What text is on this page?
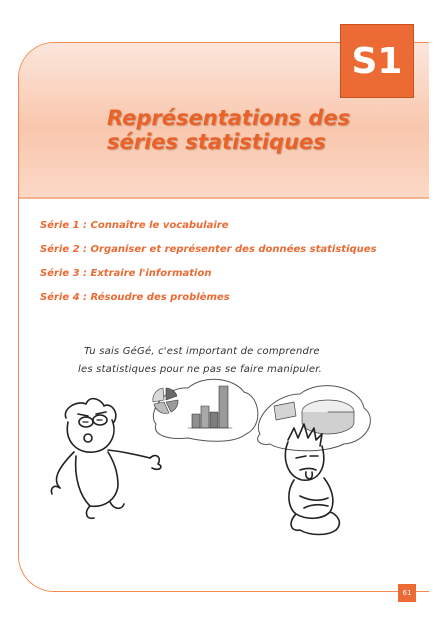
S1
Représentations des
séries statistiques
Série 1 : Connaître le vocabulaire
Série 2 : Organiser et représenter des données statistiques
Série 3 : Extraire l'information
Série 4 : Résoudre des problèmes
Tu sais GéGé, c'est important de comprendre
les statistiques pour ne pas se faire manipuler.
61
